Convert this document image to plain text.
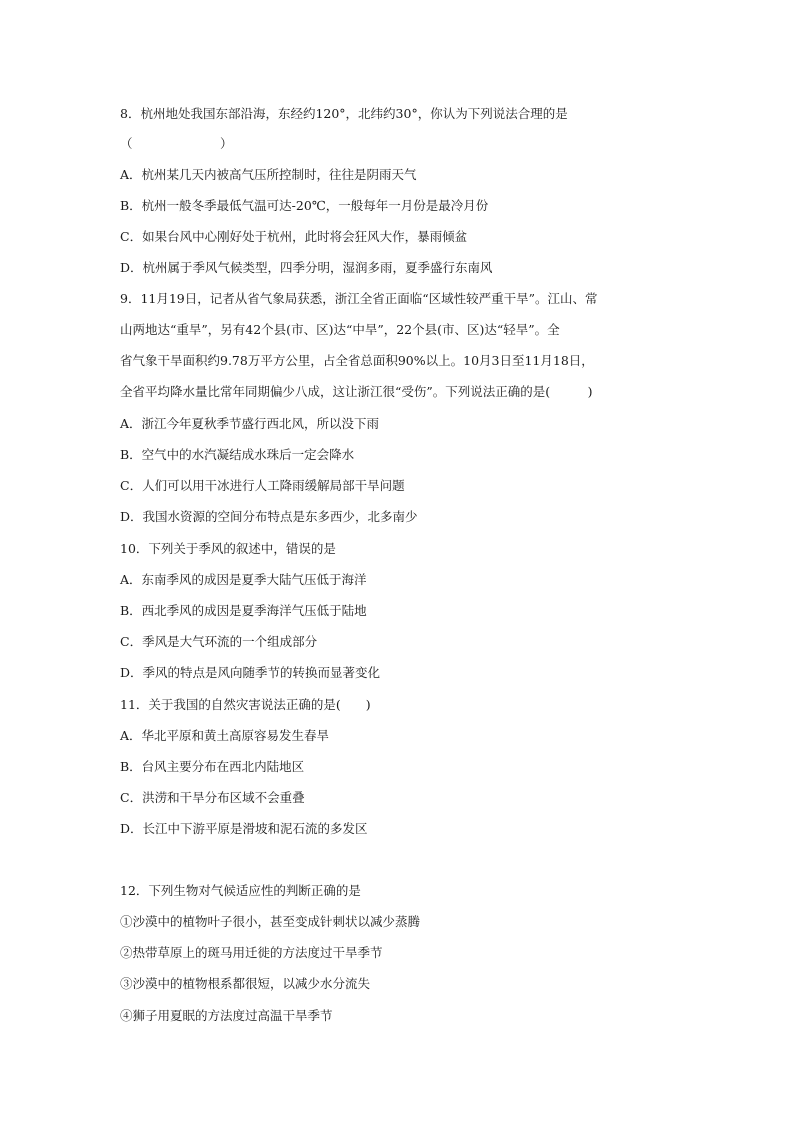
8．杭州地处我国东部沿海，东经约120°，北纬约30°，你认为下列说法合理的是
（　　　　　　　）
A．杭州某几天内被高气压所控制时，往往是阴雨天气
B．杭州一般冬季最低气温可达-20℃，一般每年一月份是最冷月份
C．如果台风中心刚好处于杭州，此时将会狂风大作，暴雨倾盆
D．杭州属于季风气候类型，四季分明，湿润多雨，夏季盛行东南风
9．11月19日，记者从省气象局获悉，浙江全省正面临“区域性较严重干旱”。江山、常
山两地达“重旱”，另有42个县(市、区)达“中旱”，22个县(市、区)达“轻旱”。全
省气象干旱面积约9.78万平方公里，占全省总面积90%以上。10月3日至11月18日，
全省平均降水量比常年同期偏少八成，这让浙江很“受伤”。下列说法正确的是(　　　)
A．浙江今年夏秋季节盛行西北风，所以没下雨
B．空气中的水汽凝结成水珠后一定会降水
C．人们可以用干冰进行人工降雨缓解局部干旱问题
D．我国水资源的空间分布特点是东多西少，北多南少
10．下列关于季风的叙述中，错误的是
A．东南季风的成因是夏季大陆气压低于海洋
B．西北季风的成因是夏季海洋气压低于陆地
C．季风是大气环流的一个组成部分
D．季风的特点是风向随季节的转换而显著变化
11．关于我国的自然灾害说法正确的是(　　)
A．华北平原和黄土高原容易发生春旱
B．台风主要分布在西北内陆地区
C．洪涝和干旱分布区域不会重叠
D．长江中下游平原是滑坡和泥石流的多发区
12．下列生物对气候适应性的判断正确的是
①沙漠中的植物叶子很小，甚至变成针刺状以减少蒸腾
②热带草原上的斑马用迁徙的方法度过干旱季节
③沙漠中的植物根系都很短，以减少水分流失
④狮子用夏眠的方法度过高温干旱季节
